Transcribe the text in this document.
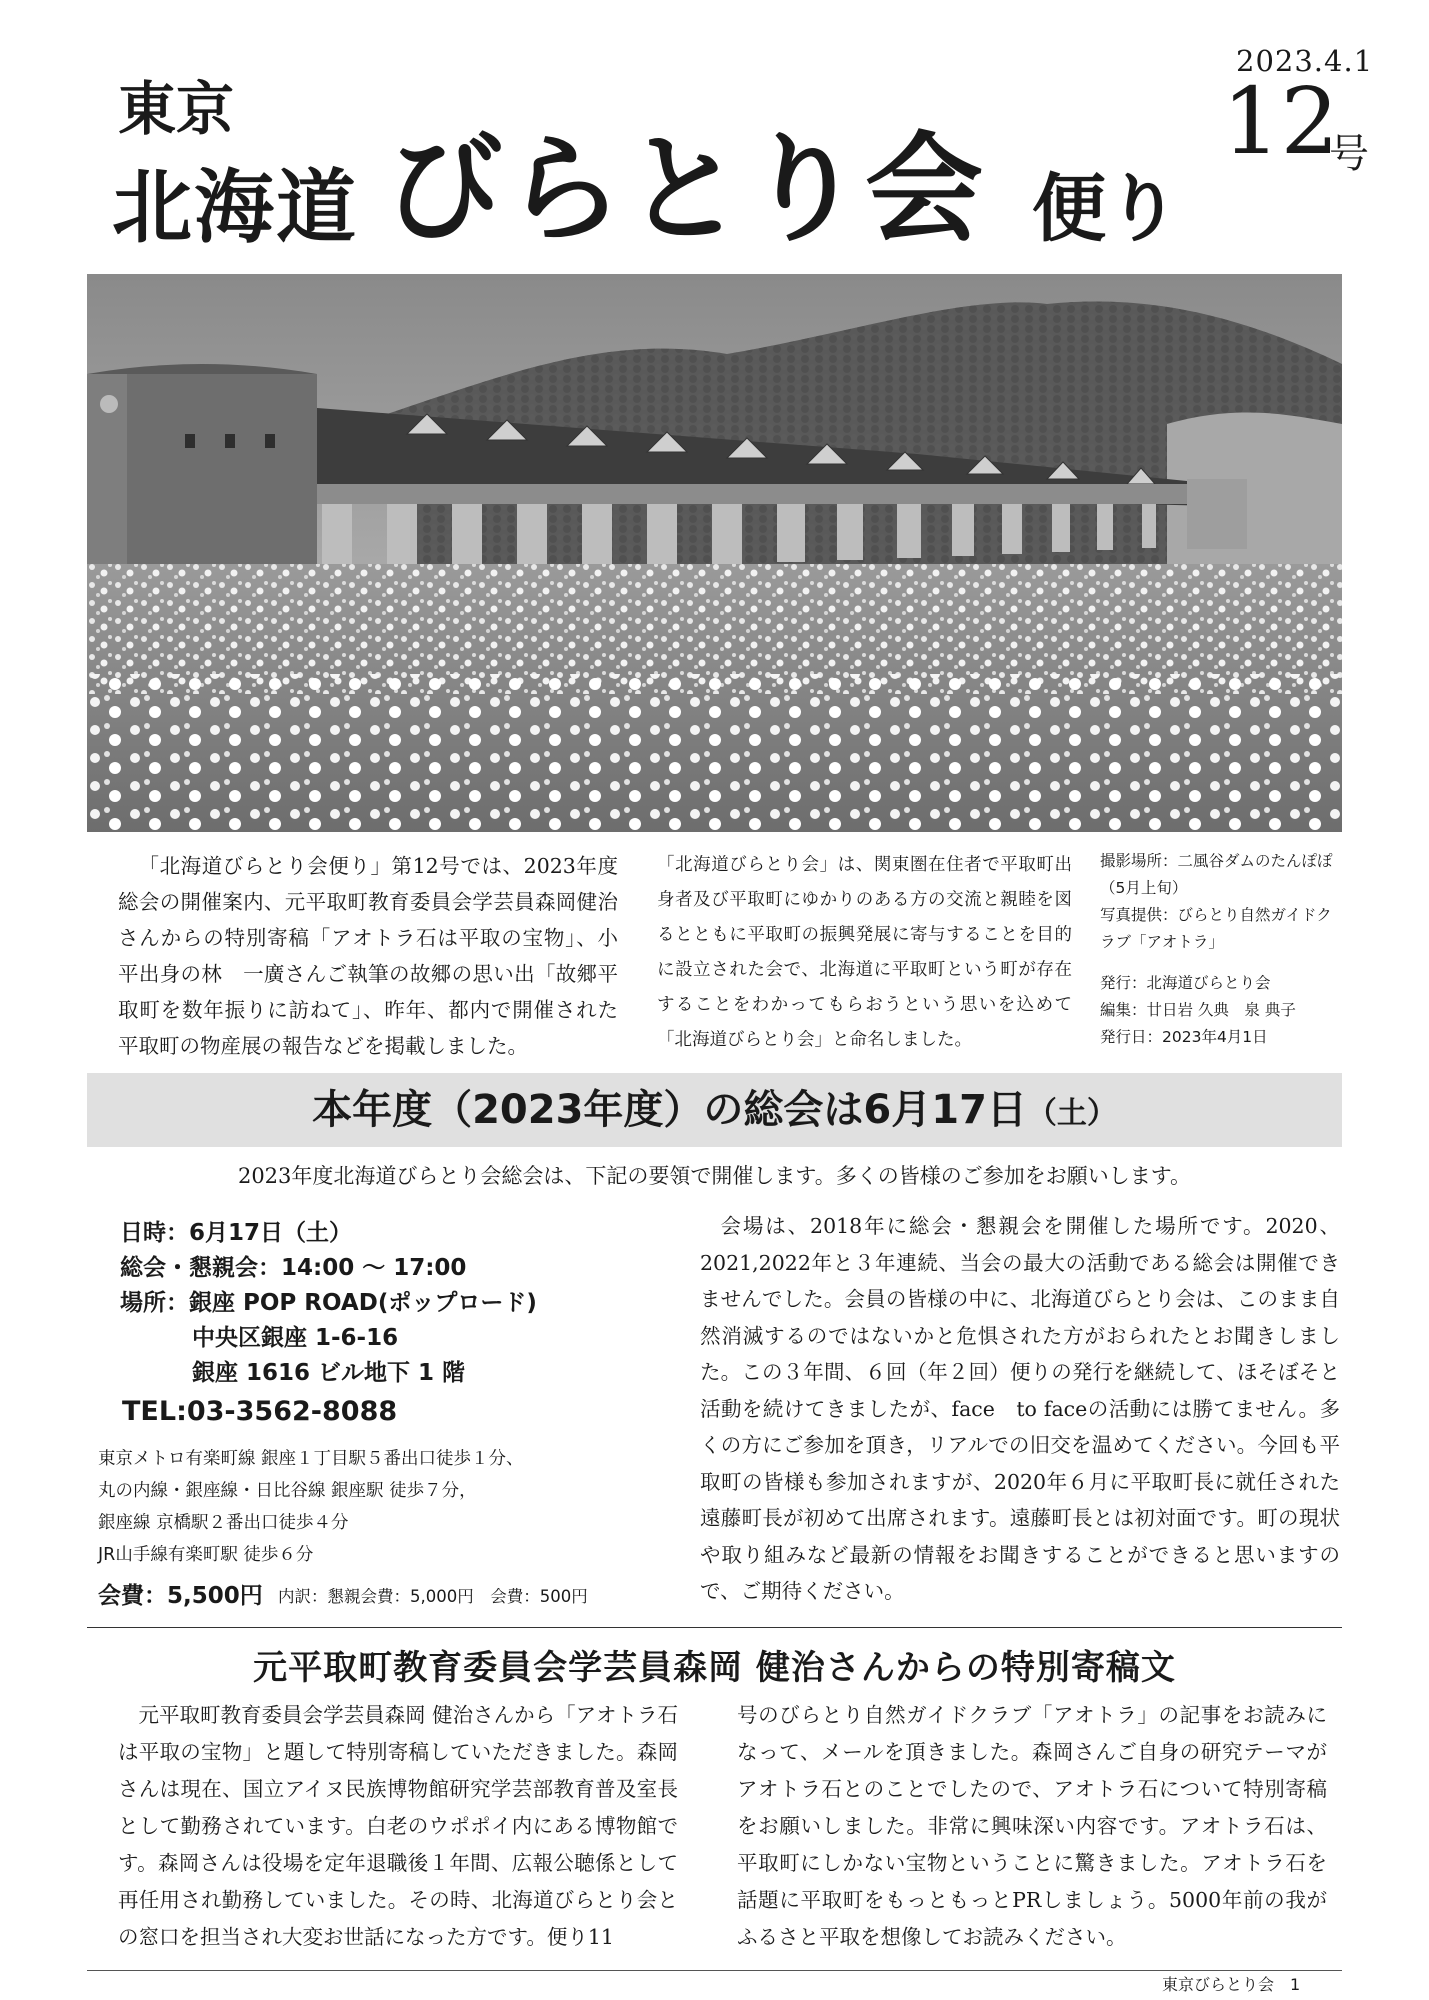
2023.4.1
12
号
東京
北海道 びらとり会 便り
「北海道びらとり会便り」第12号では、2023年度総会の開催案内、元平取町教育委員会学芸員森岡健治さんからの特別寄稿「アオトラ石は平取の宝物」、小平出身の林　一廣さんご執筆の故郷の思い出「故郷平取町を数年振りに訪ねて」、昨年、都内で開催された平取町の物産展の報告などを掲載しました。
「北海道びらとり会」は、関東圏在住者で平取町出身者及び平取町にゆかりのある方の交流と親睦を図るとともに平取町の振興発展に寄与することを目的に設立された会で、北海道に平取町という町が存在することをわかってもらおうという思いを込めて「北海道びらとり会」と命名しました。
撮影場所：二風谷ダムのたんぽぽ（5月上旬）
写真提供：びらとり自然ガイドクラブ「アオトラ」
発行：北海道びらとり会
編集：廿日岩 久典　泉 典子
発行日：2023年4月1日
本年度（2023年度）の総会は6月17日（土）
2023年度北海道びらとり会総会は、下記の要領で開催します。多くの皆様のご参加をお願いします。
日時：6月17日（土）
総会・懇親会：14:00 ～ 17:00
場所：銀座 POP ROAD(ポップロード)
中央区銀座 1-6-16
銀座 1616 ビル地下 1 階
TEL:03-3562-8088
東京メトロ有楽町線 銀座１丁目駅５番出口徒歩１分、
丸の内線・銀座線・日比谷線 銀座駅 徒歩７分，
銀座線 京橋駅２番出口徒歩４分
JR山手線有楽町駅 徒歩６分
会費：5,500円 内訳：懇親会費：5,000円　会費：500円
会場は、2018年に総会・懇親会を開催した場所です。2020、2021,2022年と３年連続、当会の最大の活動である総会は開催できませんでした。会員の皆様の中に、北海道びらとり会は、このまま自然消滅するのではないかと危惧された方がおられたとお聞きしました。この３年間、６回（年２回）便りの発行を継続して、ほそぼそと活動を続けてきましたが、face　to faceの活動には勝てません。多くの方にご参加を頂き，リアルでの旧交を温めてください。今回も平取町の皆様も参加されますが、2020年６月に平取町長に就任された遠藤町長が初めて出席されます。遠藤町長とは初対面です。町の現状や取り組みなど最新の情報をお聞きすることができると思いますので、ご期待ください。
元平取町教育委員会学芸員森岡 健治さんからの特別寄稿文
元平取町教育委員会学芸員森岡 健治さんから「アオトラ石は平取の宝物」と題して特別寄稿していただきました。森岡さんは現在、国立アイヌ民族博物館研究学芸部教育普及室長として勤務されています。白老のウポポイ内にある博物館です。森岡さんは役場を定年退職後１年間、広報公聴係として再任用され勤務していました。その時、北海道びらとり会との窓口を担当され大変お世話になった方です。便り11
号のびらとり自然ガイドクラブ「アオトラ」の記事をお読みになって、メールを頂きました。森岡さんご自身の研究テーマがアオトラ石とのことでしたので、アオトラ石について特別寄稿をお願いしました。非常に興味深い内容です。アオトラ石は、平取町にしかない宝物ということに驚きました。アオトラ石を話題に平取町をもっともっとPRしましょう。5000年前の我がふるさと平取を想像してお読みください。
東京びらとり会　1
